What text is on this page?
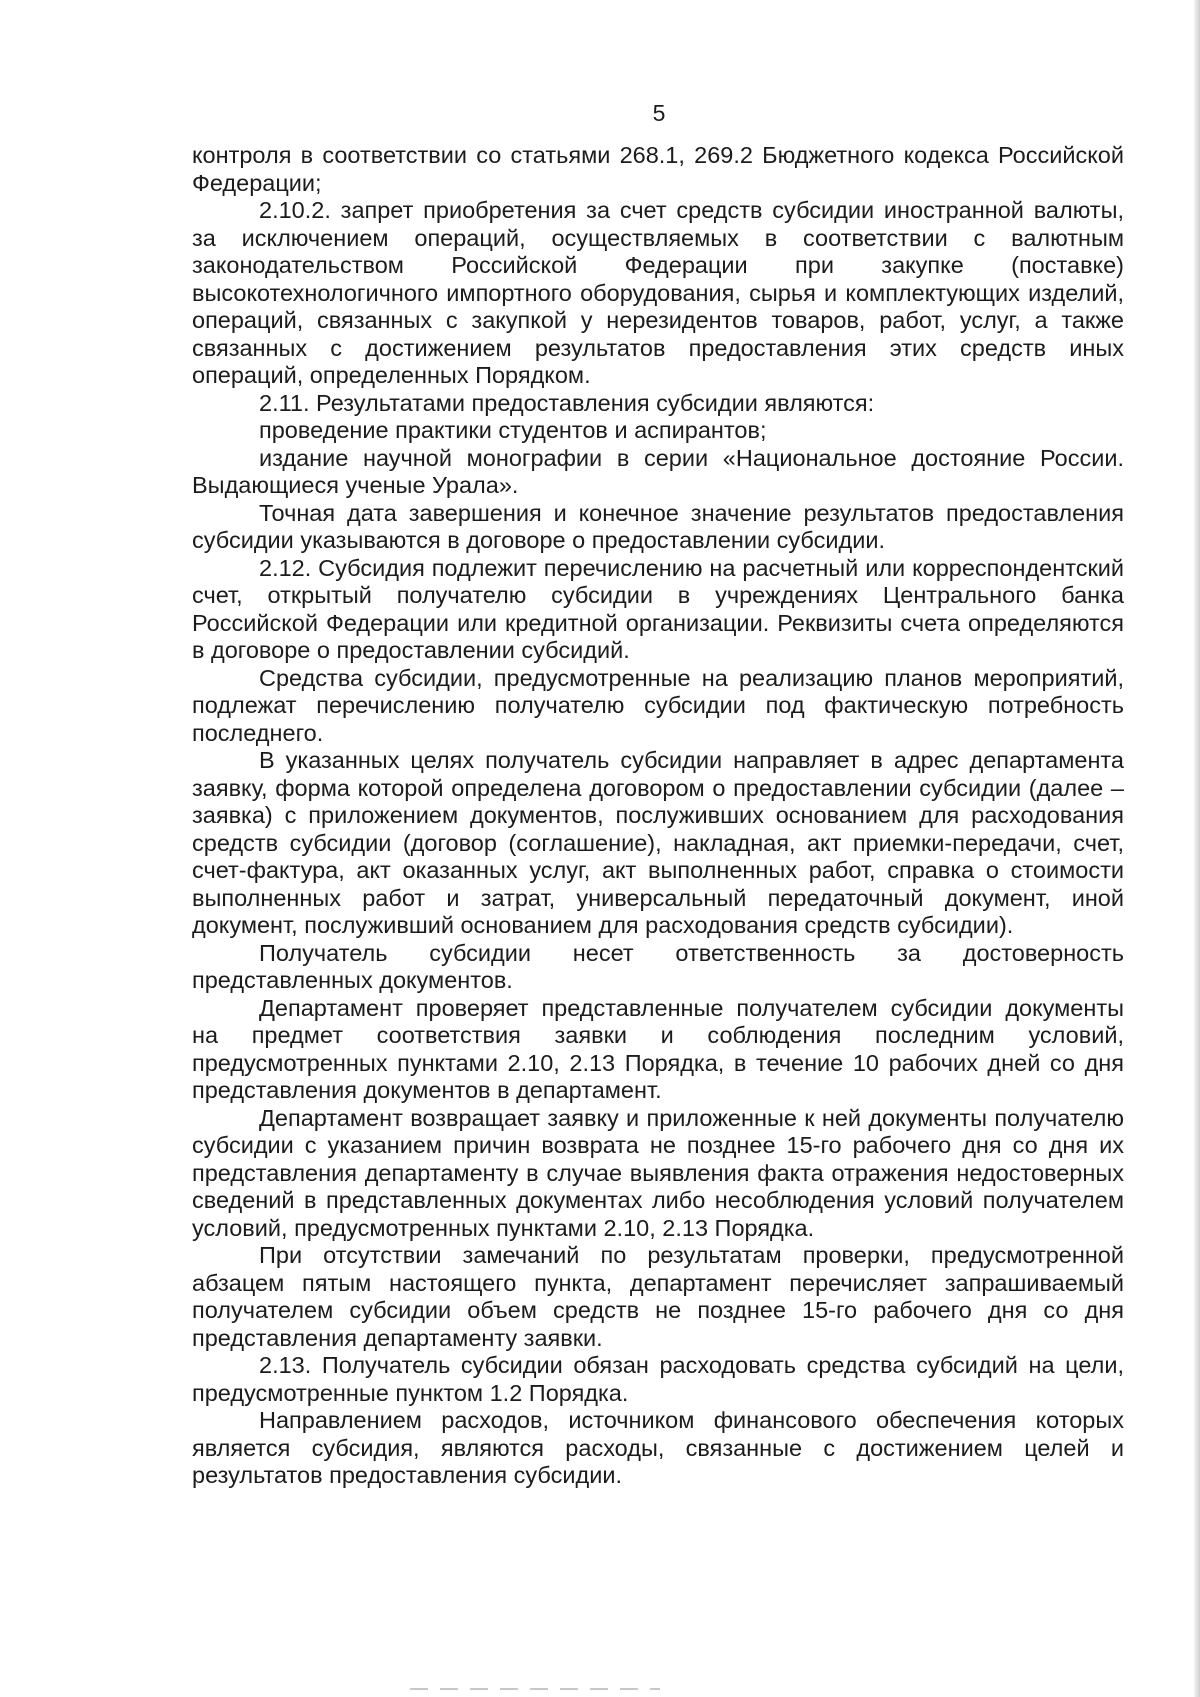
5

контроля в соответствии со статьями 268.1, 269.2 Бюджетного кодекса Российской Федерации;

2.10.2. запрет приобретения за счет средств субсидии иностранной валюты, за исключением операций, осуществляемых в соответствии с валютным законодательством Российской Федерации при закупке (поставке) высокотехнологичного импортного оборудования, сырья и комплектующих изделий, операций, связанных с закупкой у нерезидентов товаров, работ, услуг, а также связанных с достижением результатов предоставления этих средств иных операций, определенных Порядком.

2.11. Результатами предоставления субсидии являются:

проведение практики студентов и аспирантов;

издание научной монографии в серии «Национальное достояние России. Выдающиеся ученые Урала».

Точная дата завершения и конечное значение результатов предоставления субсидии указываются в договоре о предоставлении субсидии.

2.12. Субсидия подлежит перечислению на расчетный или корреспондентский счет, открытый получателю субсидии в учреждениях Центрального банка Российской Федерации или кредитной организации. Реквизиты счета определяются в договоре о предоставлении субсидий.

Средства субсидии, предусмотренные на реализацию планов мероприятий, подлежат перечислению получателю субсидии под фактическую потребность последнего.

В указанных целях получатель субсидии направляет в адрес департамента заявку, форма которой определена договором о предоставлении субсидии (далее – заявка) с приложением документов, послуживших основанием для расходования средств субсидии (договор (соглашение), накладная, акт приемки-передачи, счет, счет-фактура, акт оказанных услуг, акт выполненных работ, справка о стоимости выполненных работ и затрат, универсальный передаточный документ, иной документ, послуживший основанием для расходования средств субсидии).

Получатель субсидии несет ответственность за достоверность представленных документов.

Департамент проверяет представленные получателем субсидии документы на предмет соответствия заявки и соблюдения последним условий, предусмотренных пунктами 2.10, 2.13 Порядка, в течение 10 рабочих дней со дня представления документов в департамент.

Департамент возвращает заявку и приложенные к ней документы получателю субсидии с указанием причин возврата не позднее 15-го рабочего дня со дня их представления департаменту в случае выявления факта отражения недостоверных сведений в представленных документах либо несоблюдения условий получателем условий, предусмотренных пунктами 2.10, 2.13 Порядка.

При отсутствии замечаний по результатам проверки, предусмотренной абзацем пятым настоящего пункта, департамент перечисляет запрашиваемый получателем субсидии объем средств не позднее 15-го рабочего дня со дня представления департаменту заявки.

2.13. Получатель субсидии обязан расходовать средства субсидий на цели, предусмотренные пунктом 1.2 Порядка.

Направлением расходов, источником финансового обеспечения которых является субсидия, являются расходы, связанные с достижением целей и результатов предоставления субсидии.
